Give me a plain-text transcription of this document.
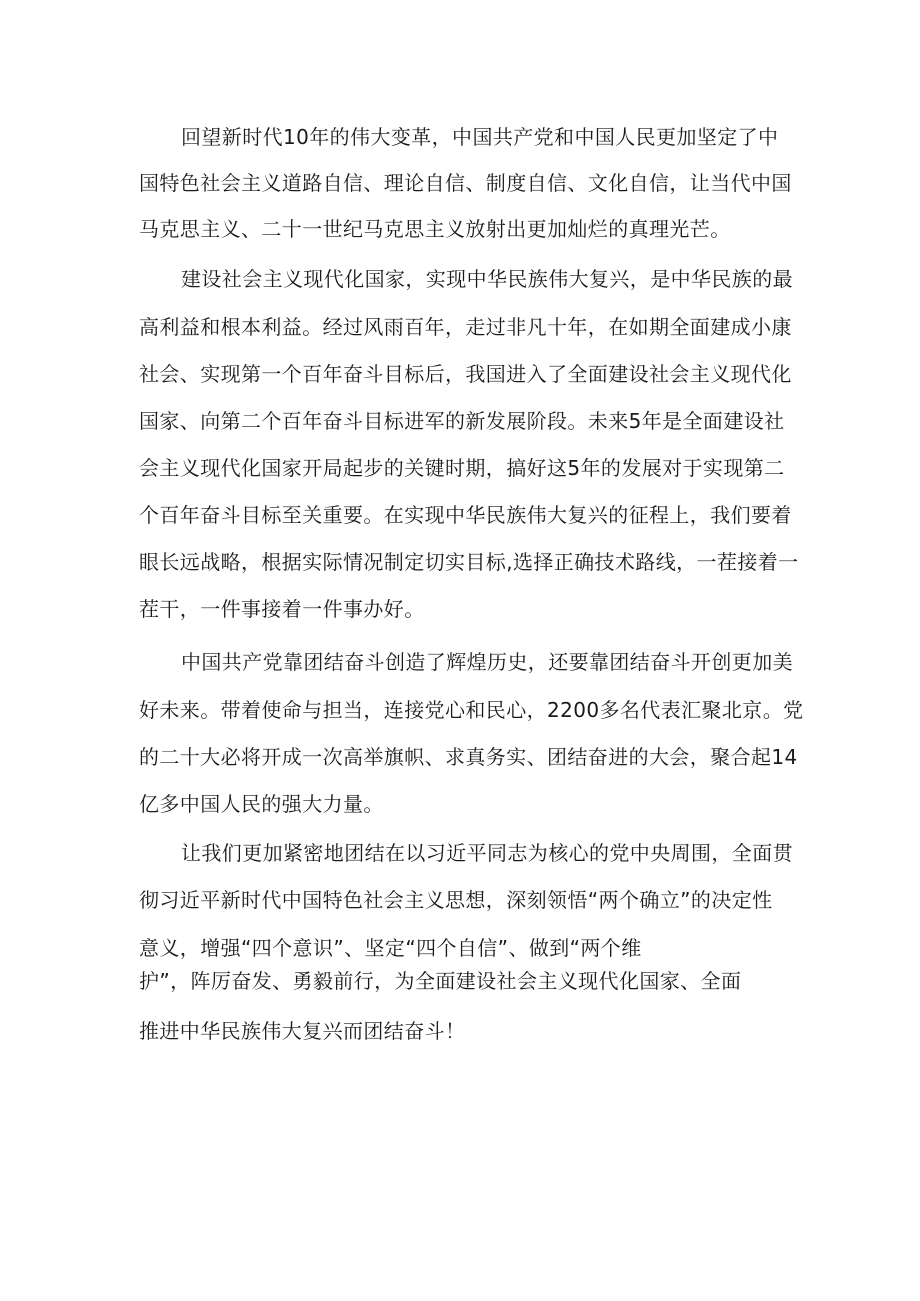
回望新时代10年的伟大变革，中国共产党和中国人民更加坚定了中
国特色社会主义道路自信、理论自信、制度自信、文化自信，让当代中国
马克思主义、二十一世纪马克思主义放射出更加灿烂的真理光芒。
建设社会主义现代化国家，实现中华民族伟大复兴，是中华民族的最
高利益和根本利益。经过风雨百年，走过非凡十年，在如期全面建成小康
社会、实现第一个百年奋斗目标后，我国进入了全面建设社会主义现代化
国家、向第二个百年奋斗目标进军的新发展阶段。未来5年是全面建设社
会主义现代化国家开局起步的关键时期，搞好这5年的发展对于实现第二
个百年奋斗目标至关重要。在实现中华民族伟大复兴的征程上，我们要着
眼长远战略，根据实际情况制定切实目标,选择正确技术路线，一茬接着一
茬干，一件事接着一件事办好。
中国共产党靠团结奋斗创造了辉煌历史，还要靠团结奋斗开创更加美
好未来。带着使命与担当，连接党心和民心，2200多名代表汇聚北京。党
的二十大必将开成一次高举旗帜、求真务实、团结奋进的大会，聚合起14
亿多中国人民的强大力量。
让我们更加紧密地团结在以习近平同志为核心的党中央周围，全面贯
彻习近平新时代中国特色社会主义思想，深刻领悟“两个确立”的决定性
意义，增强“四个意识”、坚定“四个自信”、做到“两个维
护”，阵厉奋发、勇毅前行，为全面建设社会主义现代化国家、全面
推进中华民族伟大复兴而团结奋斗！
